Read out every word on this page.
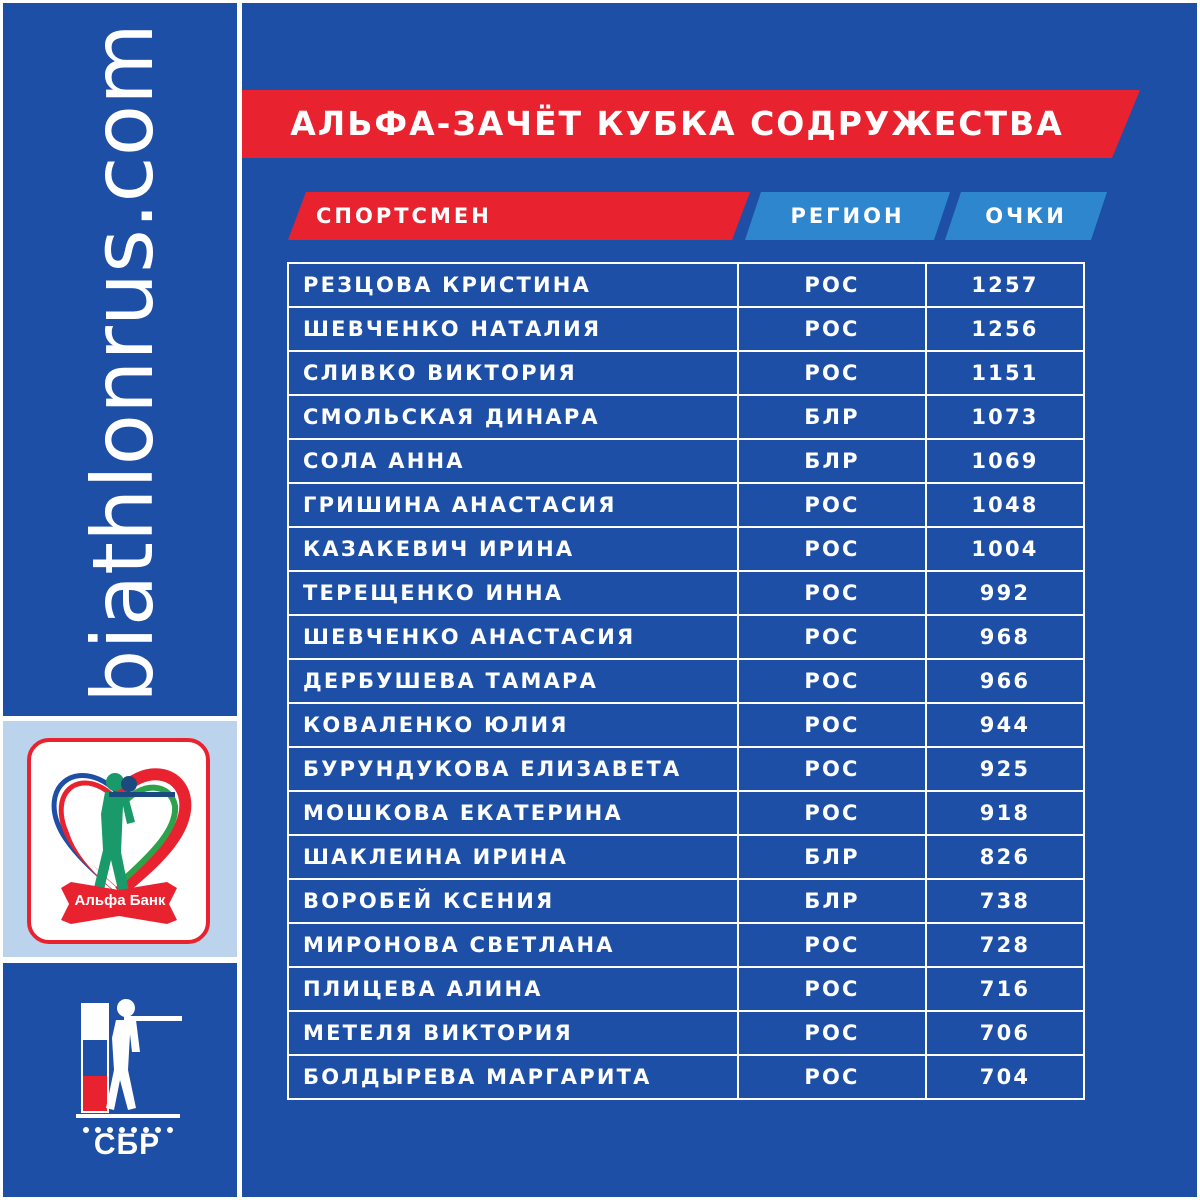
biathlonrus.com
Альфа Банк
СБР
АЛЬФА-ЗАЧЁТ КУБКА СОДРУЖЕСТВА
СПОРТСМЕН	РЕГИОН	ОЧКИ
РЕЗЦОВА КРИСТИНА	РОС	1257
ШЕВЧЕНКО НАТАЛИЯ	РОС	1256
СЛИВКО ВИКТОРИЯ	РОС	1151
СМОЛЬСКАЯ ДИНАРА	БЛР	1073
СОЛА АННА	БЛР	1069
ГРИШИНА АНАСТАСИЯ	РОС	1048
КАЗАКЕВИЧ ИРИНА	РОС	1004
ТЕРЕЩЕНКО ИННА	РОС	992
ШЕВЧЕНКО АНАСТАСИЯ	РОС	968
ДЕРБУШЕВА ТАМАРА	РОС	966
КОВАЛЕНКО ЮЛИЯ	РОС	944
БУРУНДУКОВА ЕЛИЗАВЕТА	РОС	925
МОШКОВА ЕКАТЕРИНА	РОС	918
ШАКЛЕИНА ИРИНА	БЛР	826
ВОРОБЕЙ КСЕНИЯ	БЛР	738
МИРОНОВА СВЕТЛАНА	РОС	728
ПЛИЦЕВА АЛИНА	РОС	716
МЕТЕЛЯ ВИКТОРИЯ	РОС	706
БОЛДЫРЕВА МАРГАРИТА	РОС	704
